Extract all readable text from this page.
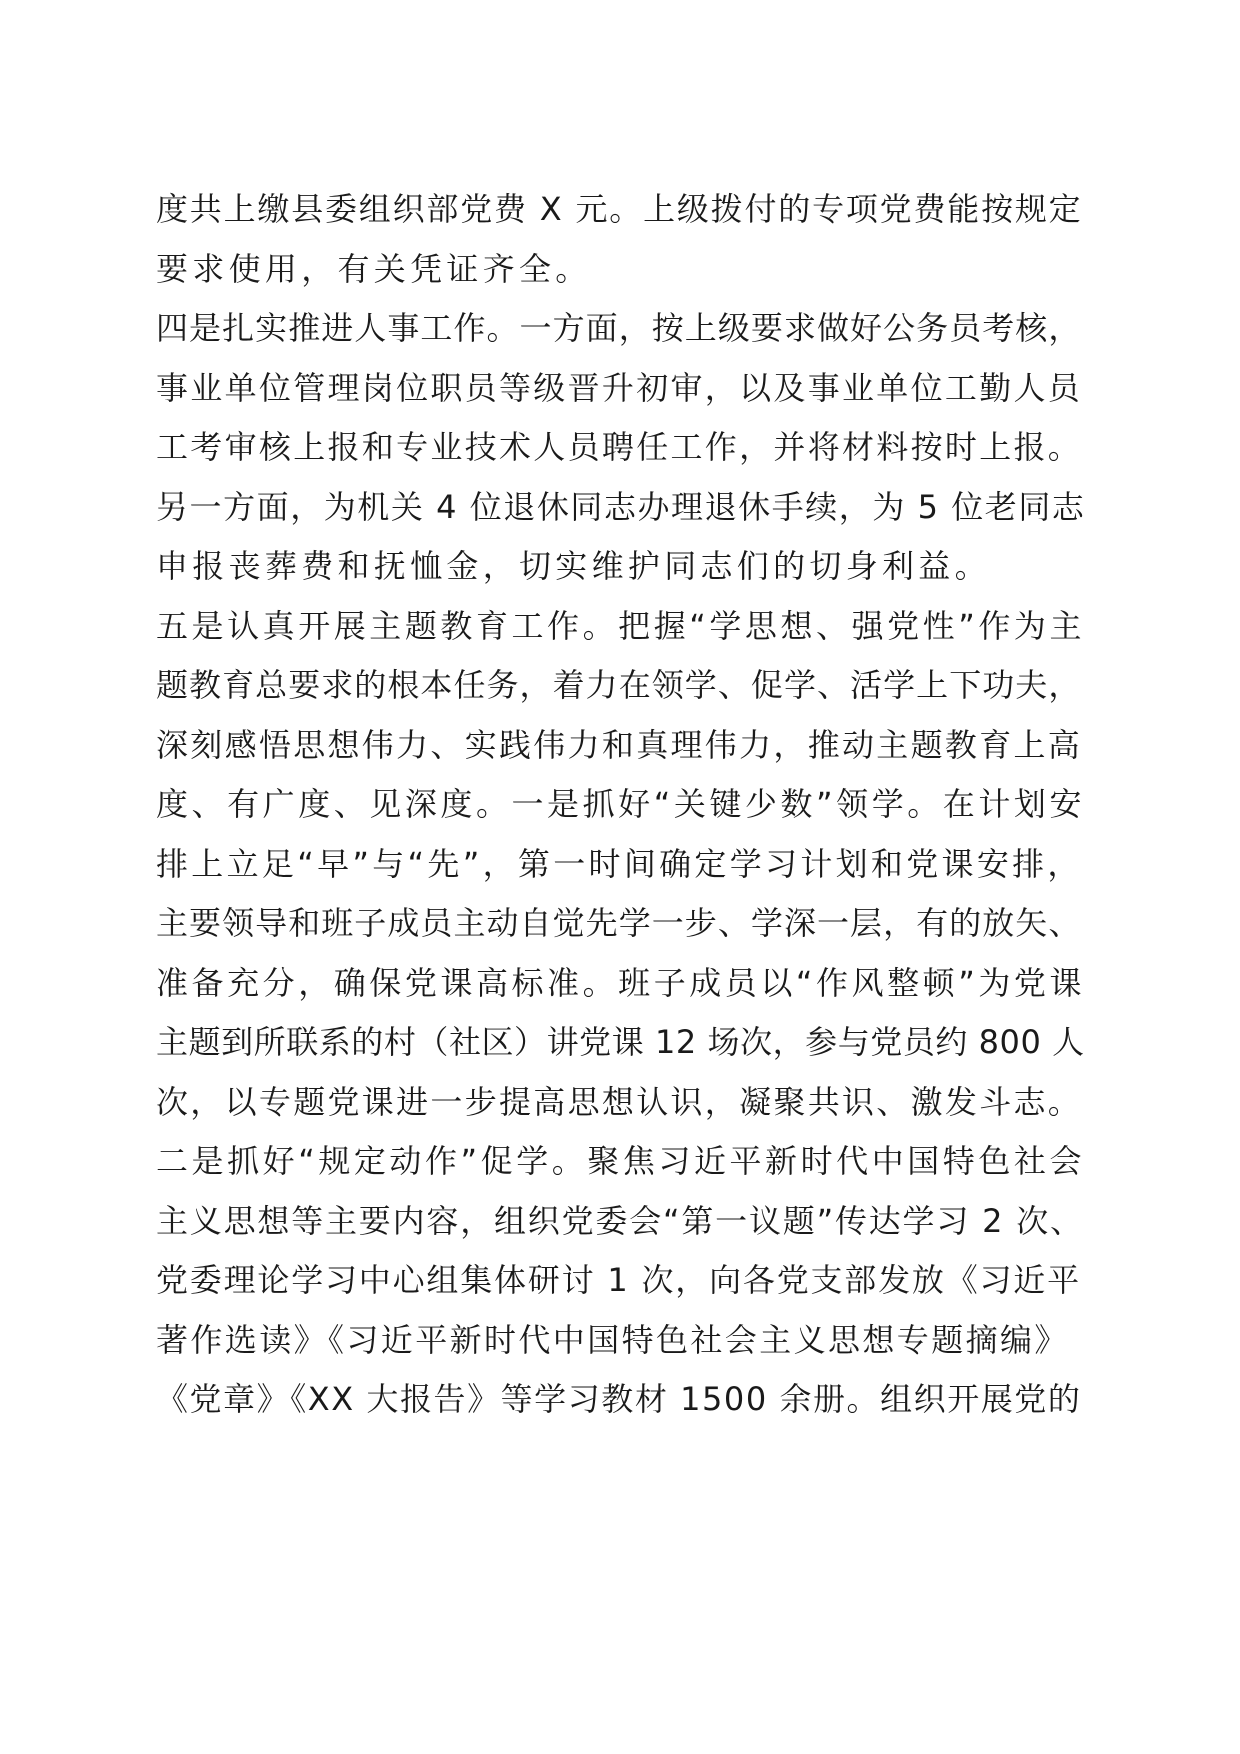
度共上缴县委组织部党费 X 元。上级拨付的专项党费能按规定
要求使用，有关凭证齐全。
四是扎实推进人事工作。一方面，按上级要求做好公务员考核，
事业单位管理岗位职员等级晋升初审，以及事业单位工勤人员
工考审核上报和专业技术人员聘任工作，并将材料按时上报。
另一方面，为机关 4 位退休同志办理退休手续，为 5 位老同志
申报丧葬费和抚恤金，切实维护同志们的切身利益。
五是认真开展主题教育工作。把握“学思想、强党性”作为主
题教育总要求的根本任务，着力在领学、促学、活学上下功夫，
深刻感悟思想伟力、实践伟力和真理伟力，推动主题教育上高
度、有广度、见深度。一是抓好“关键少数”领学。在计划安
排上立足“早”与“先”，第一时间确定学习计划和党课安排，
主要领导和班子成员主动自觉先学一步、学深一层，有的放矢、
准备充分，确保党课高标准。班子成员以“作风整顿”为党课
主题到所联系的村（社区）讲党课 12 场次，参与党员约 800 人
次，以专题党课进一步提高思想认识，凝聚共识、激发斗志。
二是抓好“规定动作”促学。聚焦习近平新时代中国特色社会
主义思想等主要内容，组织党委会“第一议题”传达学习 2 次、
党委理论学习中心组集体研讨 1 次，向各党支部发放《习近平
著作选读》《习近平新时代中国特色社会主义思想专题摘编》
《党章》《XX 大报告》等学习教材 1500 余册。组织开展党的
